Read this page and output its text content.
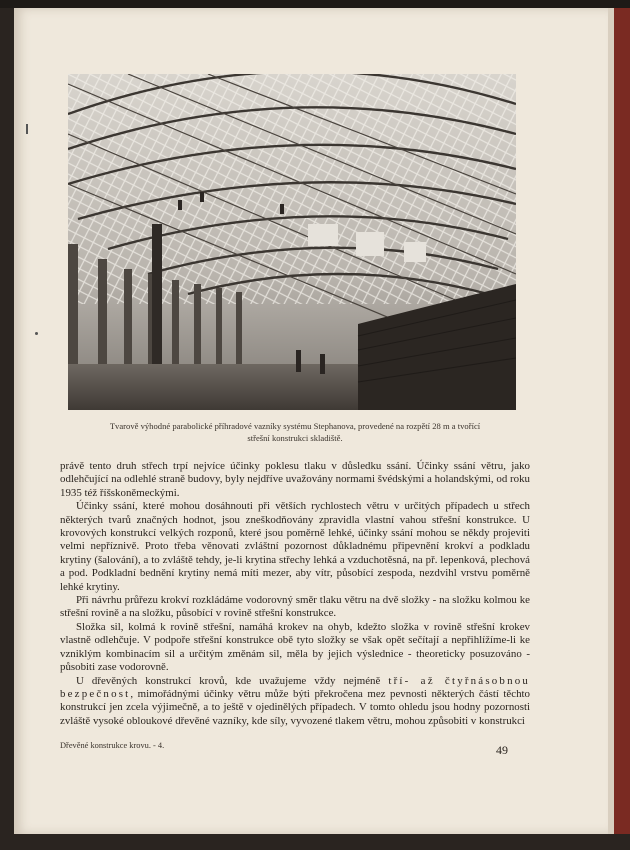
Tvarově výhodné parabolické příhradové vazníky systému Stephanova, provedené na rozpětí 28 m a tvořící
střešní konstrukci skladiště.

právě tento druh střech trpí nejvíce účinky poklesu tlaku v důsledku ssání. Účinky ssání větru, jako odlehčující na odlehlé straně budovy, byly nejdříve uvažovány normami švédskými a holandskými, od roku 1935 též říšskoněmeckými.

Účinky ssání, které mohou dosáhnouti při větších rychlostech větru v určitých případech u střech některých tvarů značných hodnot, jsou zneškodňovány zpravidla vlastní vahou střešní konstrukce. U krovových konstrukcí velkých rozponů, které jsou poměrně lehké, účinky ssání mohou se někdy projeviti velmi nepříznivě. Proto třeba věnovati zvláštní pozornost důkladnému připevnění krokví a podkladu krytiny (šalování), a to zvláště tehdy, je-li krytina střechy lehká a vzduchotěsná, na př. lepenková, plechová a pod. Podkladní bednění krytiny nemá míti mezer, aby vítr, působící zespoda, nezdvihl vrstvu poměrně lehké krytiny.

Při návrhu průřezu krokví rozkládáme vodorovný směr tlaku větru na dvě složky - na složku kolmou ke střešní rovině a na složku, působící v rovině střešní konstrukce.

Složka sil, kolmá k rovině střešní, namáhá krokev na ohyb, kdežto složka v rovině střešní krokev vlastně odlehčuje. V podpoře střešní konstrukce obě tyto složky se však opět sečítají a nepřihlížíme-li ke vzniklým kombinacím sil a určitým změnám sil, měla by jejich výslednice - theoreticky posuzováno - působiti zase vodorovně.

U dřevěných konstrukcí krovů, kde uvažujeme vždy nejméně tří- až čtyřnásobnou bezpečnost, mimořádnými účinky větru může býti překročena mez pevnosti některých částí těchto konstrukcí jen zcela výjimečně, a to ještě v ojedinělých případech. V tomto ohledu jsou hodny pozornosti zvláště vysoké obloukové dřevěné vazníky, kde síly, vyvozené tlakem větru, mohou způsobiti v konstrukci

Dřevěné konstrukce krovu. - 4.	49
